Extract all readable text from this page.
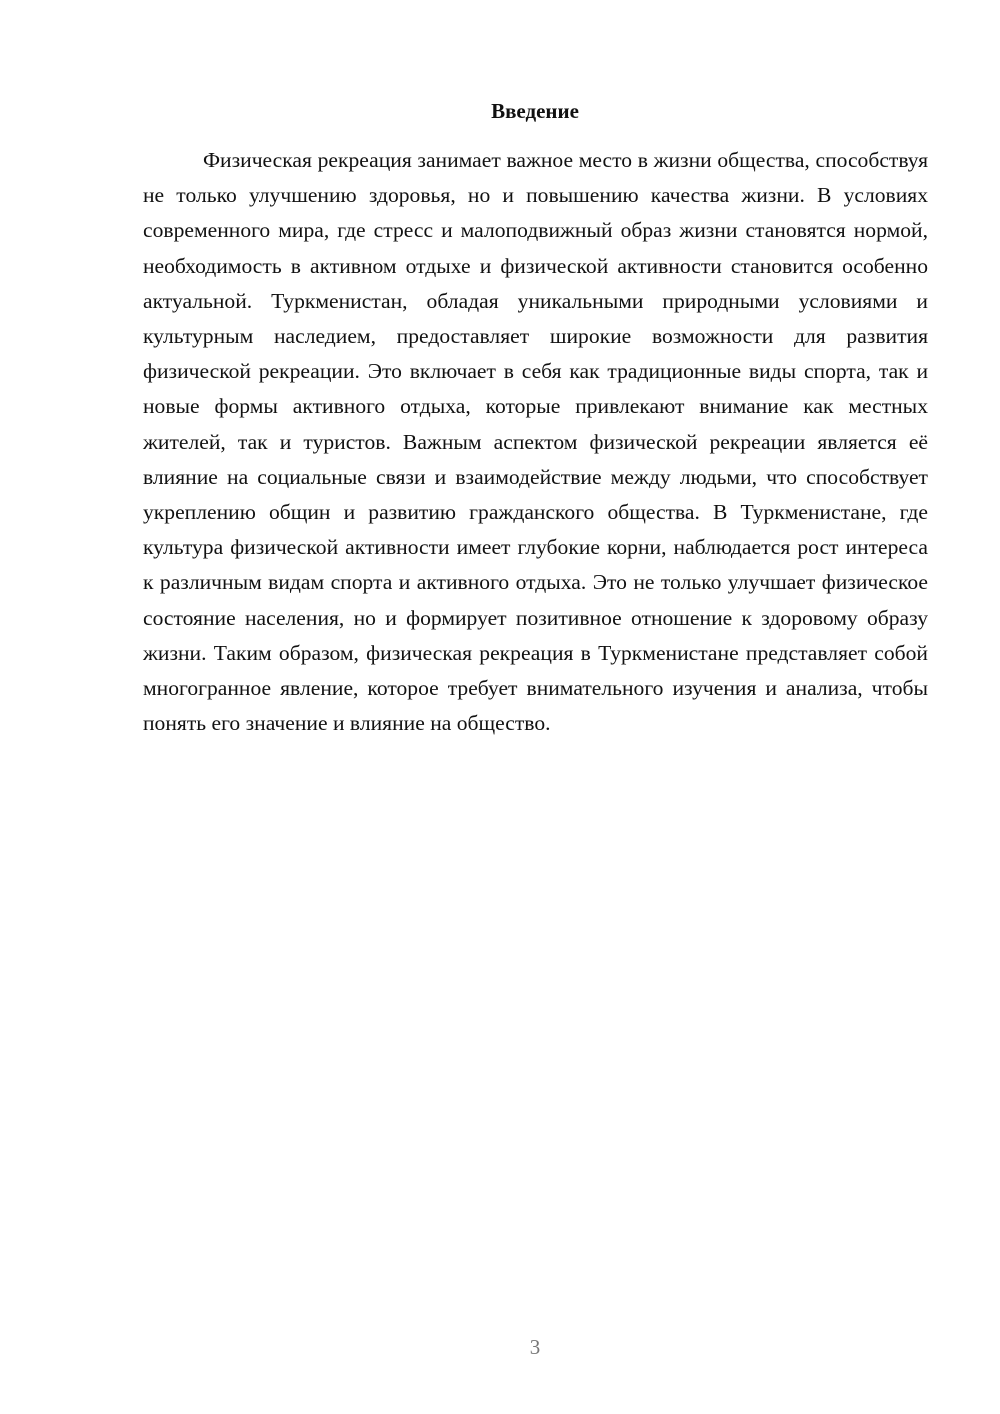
Введение

Физическая рекреация занимает важное место в жизни общества, способствуя не только улучшению здоровья, но и повышению качества жизни. В условиях современного мира, где стресс и малоподвижный образ жизни становятся нормой, необходимость в активном отдыхе и физической активности становится особенно актуальной. Туркменистан, обладая уникальными природными условиями и культурным наследием, предоставляет широкие возможности для развития физической рекреации. Это включает в себя как традиционные виды спорта, так и новые формы активного отдыха, которые привлекают внимание как местных жителей, так и туристов. Важным аспектом физической рекреации является её влияние на социальные связи и взаимодействие между людьми, что способствует укреплению общин и развитию гражданского общества. В Туркменистане, где культура физической активности имеет глубокие корни, наблюдается рост интереса к различным видам спорта и активного отдыха. Это не только улучшает физическое состояние населения, но и формирует позитивное отношение к здоровому образу жизни. Таким образом, физическая рекреация в Туркменистане представляет собой многогранное явление, которое требует внимательного изучения и анализа, чтобы понять его значение и влияние на общество.

3
